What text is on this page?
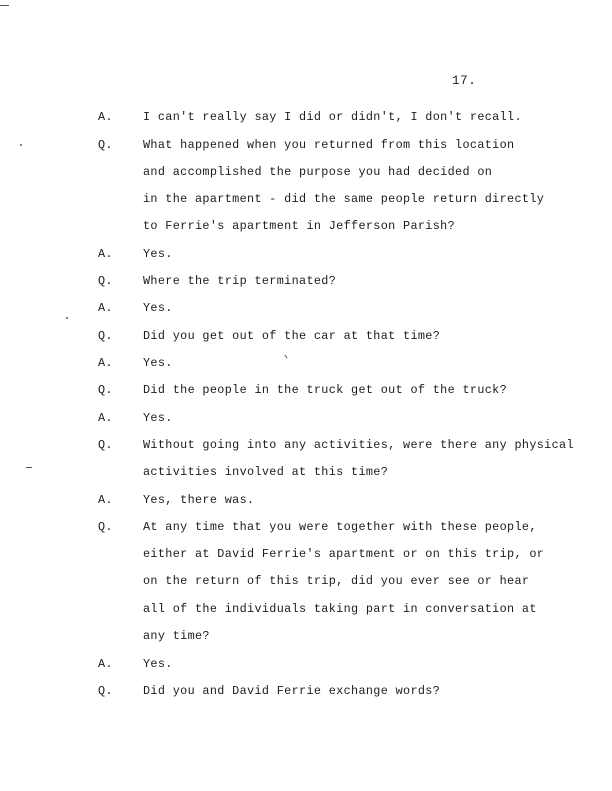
17.
A.	I can't really say I did or didn't, I don't recall.
Q.	What happened when you returned from this location
and accomplished the purpose you had decided on
in the apartment - did the same people return directly
to Ferrie's apartment in Jefferson Parish?
A.	Yes.
Q.	Where the trip terminated?
A.	Yes.
Q.	Did you get out of the car at that time?
A.	Yes.
Q.	Did the people in the truck get out of the truck?
A.	Yes.
Q.	Without going into any activities, were there any physical
activities involved at this time?
A.	Yes, there was.
Q.	At any time that you were together with these people,
either at David Ferrie's apartment or on this trip, or
on the return of this trip, did you ever see or hear
all of the individuals taking part in conversation at
any time?
A.	Yes.
Q.	Did you and David Ferrie exchange words?
